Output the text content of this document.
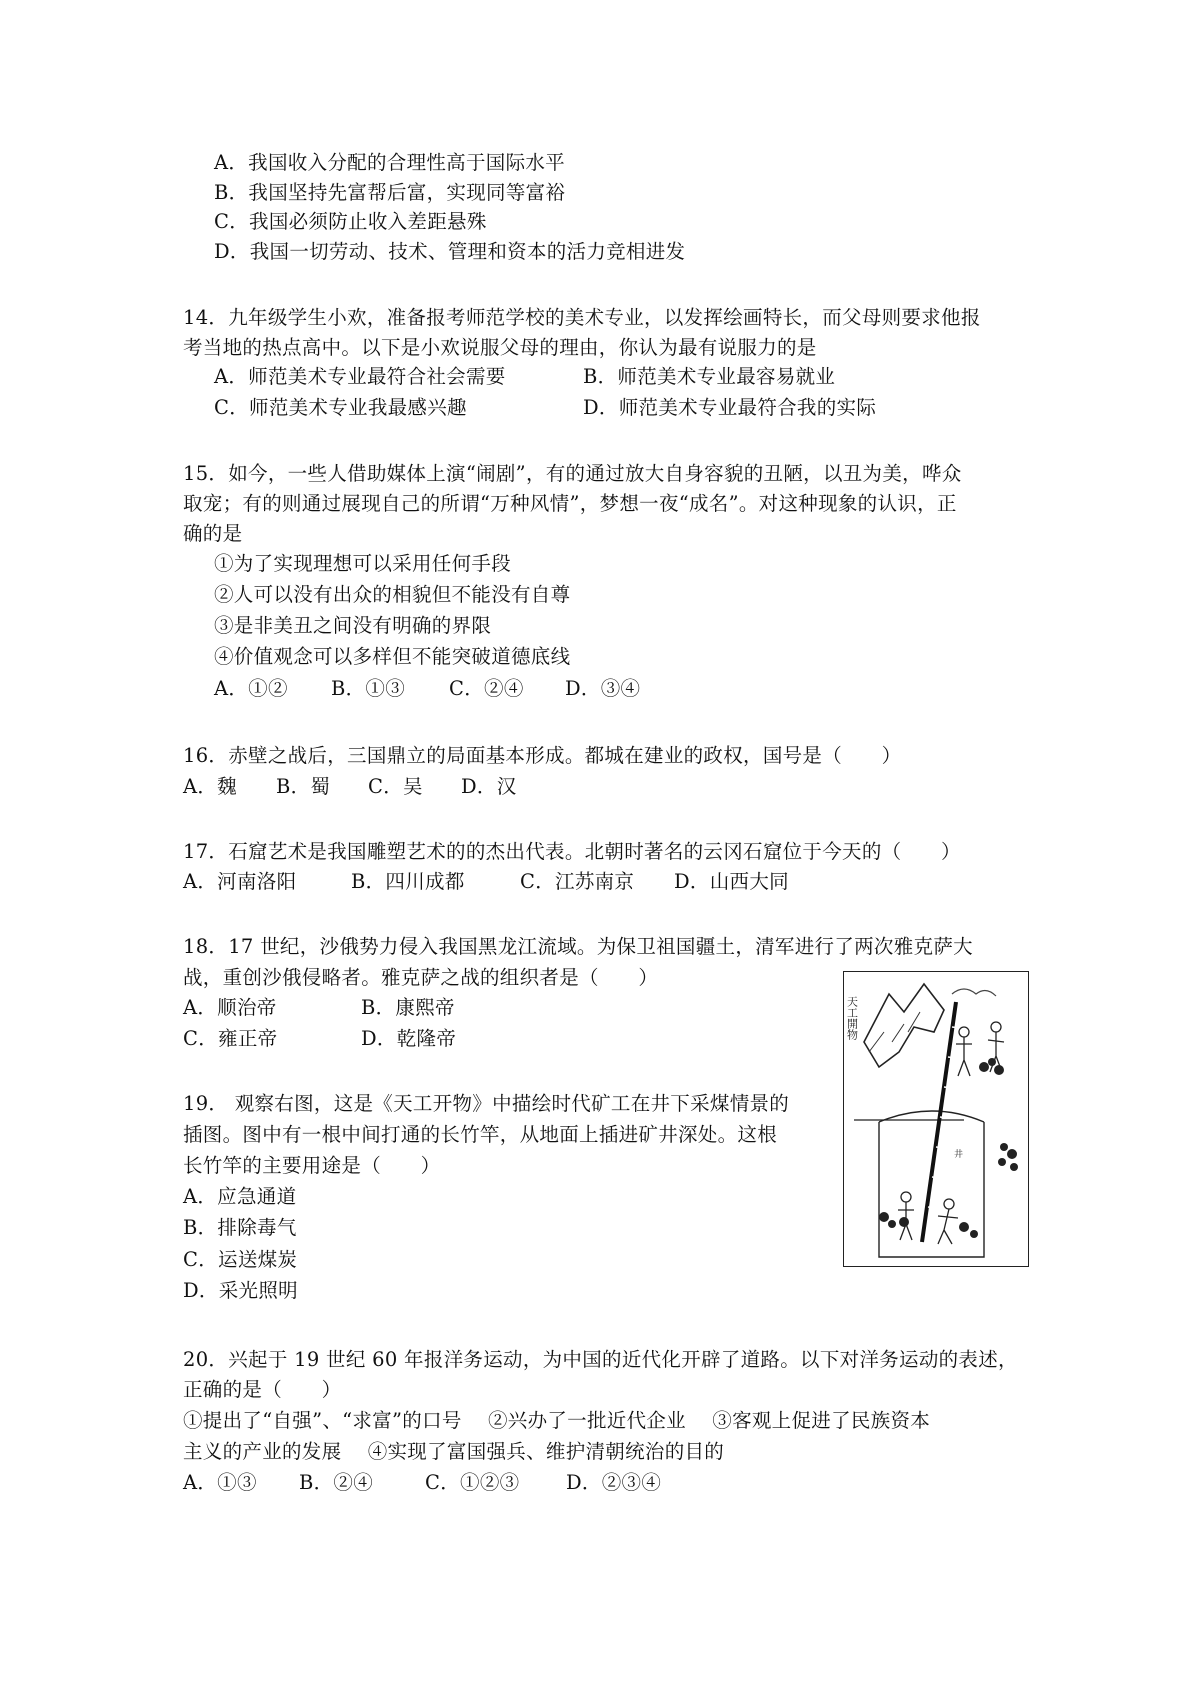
A．我国收入分配的合理性高于国际水平
B．我国坚持先富帮后富，实现同等富裕
C．我国必须防止收入差距悬殊
D．我国一切劳动、技术、管理和资本的活力竞相进发
14．九年级学生小欢，准备报考师范学校的美术专业，以发挥绘画特长，而父母则要求他报
考当地的热点高中。以下是小欢说服父母的理由，你认为最有说服力的是
A．师范美术专业最符合社会需要	B．师范美术专业最容易就业
C．师范美术专业我最感兴趣	D．师范美术专业最符合我的实际
15．如今，一些人借助媒体上演“闹剧”，有的通过放大自身容貌的丑陋，以丑为美，哗众
取宠；有的则通过展现自己的所谓“万种风情”，梦想一夜“成名”。对这种现象的认识，正
确的是
①为了实现理想可以采用任何手段
②人可以没有出众的相貌但不能没有自尊
③是非美丑之间没有明确的界限
④价值观念可以多样但不能突破道德底线
A．①② B．①③ C．②④ D．③④
16．赤壁之战后，三国鼎立的局面基本形成。都城在建业的政权，国号是（　　）
A．魏 B．蜀 C．吴 D．汉
17．石窟艺术是我国雕塑艺术的的杰出代表。北朝时著名的云冈石窟位于今天的（　　）
A．河南洛阳	B．四川成都	C．江苏南京 D．山西大同
18．17 世纪，沙俄势力侵入我国黑龙江流域。为保卫祖国疆土，清军进行了两次雅克萨大
战，重创沙俄侵略者。雅克萨之战的组织者是（　　）
A．顺治帝	B．康熙帝
C．雍正帝	D．乾隆帝
19． 观察右图，这是《天工开物》中描绘时代矿工在井下采煤情景的
插图。图中有一根中间打通的长竹竿，从地面上插进矿井深处。这根
长竹竿的主要用途是（　　）
A．应急通道
B．排除毒气
C．运送煤炭
D．采光照明
天工開物
井
20．兴起于 19 世纪 60 年报洋务运动，为中国的近代化开辟了道路。以下对洋务运动的表述，
正确的是（　　）
①提出了“自强”、“求富”的口号　 ②兴办了一批近代企业　 ③客观上促进了民族资本
主义的产业的发展　 ④实现了富国强兵、维护清朝统治的目的
A．①③ B．②④	C．①②③ D．②③④
